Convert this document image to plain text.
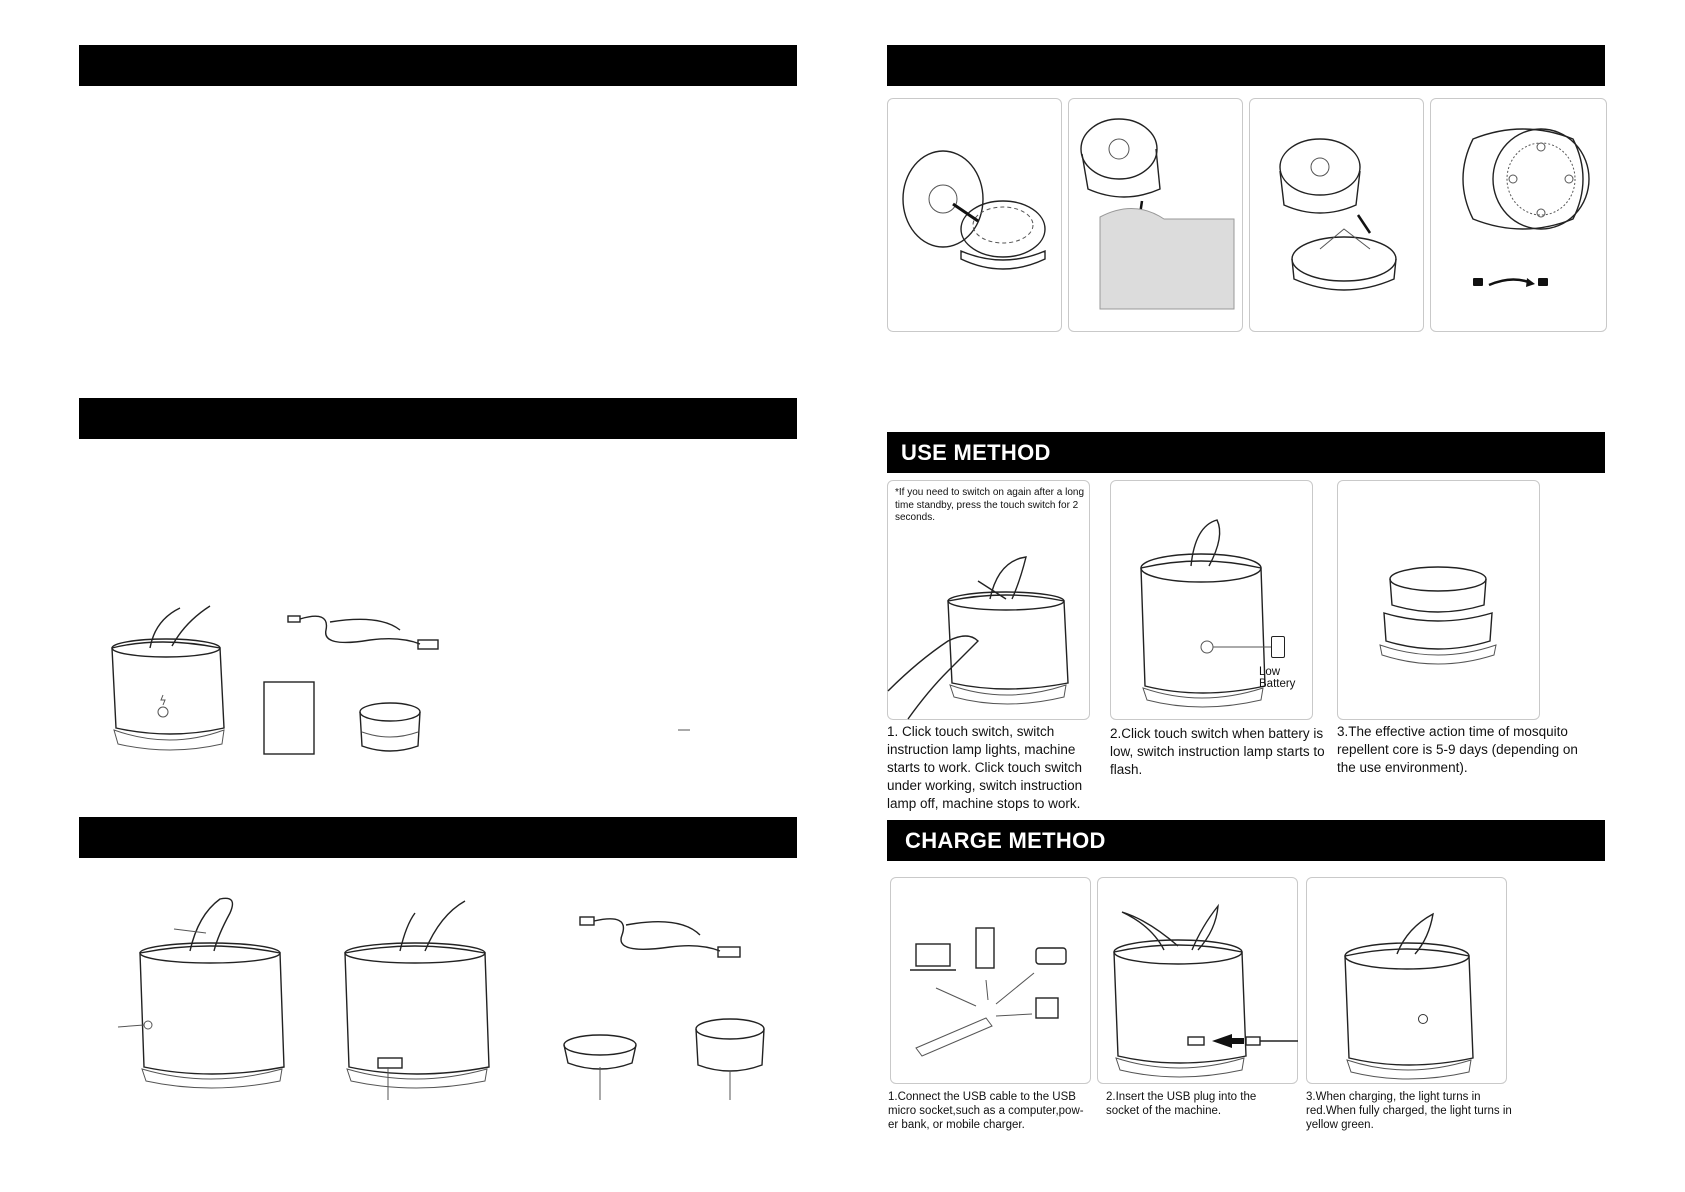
USE METHOD
*If you need to switch on again after a long time standby, press the touch switch for 2 seconds.
Low Battery
1. Click touch switch, switch instruction lamp lights, machine starts to work. Click touch switch under working, switch instruction lamp off, machine stops to work.
2.Click touch switch when battery is low, switch instruction lamp starts to flash.
3.The effective action time of mosquito repellent core is 5-9 days (depending on the use environment).
CHARGE METHOD
1.Connect the USB cable to the USB micro socket,such as a computer,pow-er bank, or mobile charger.
2.Insert the USB plug into the socket of the machine.
3.When charging, the light turns in red.When fully charged, the light turns in yellow green.
